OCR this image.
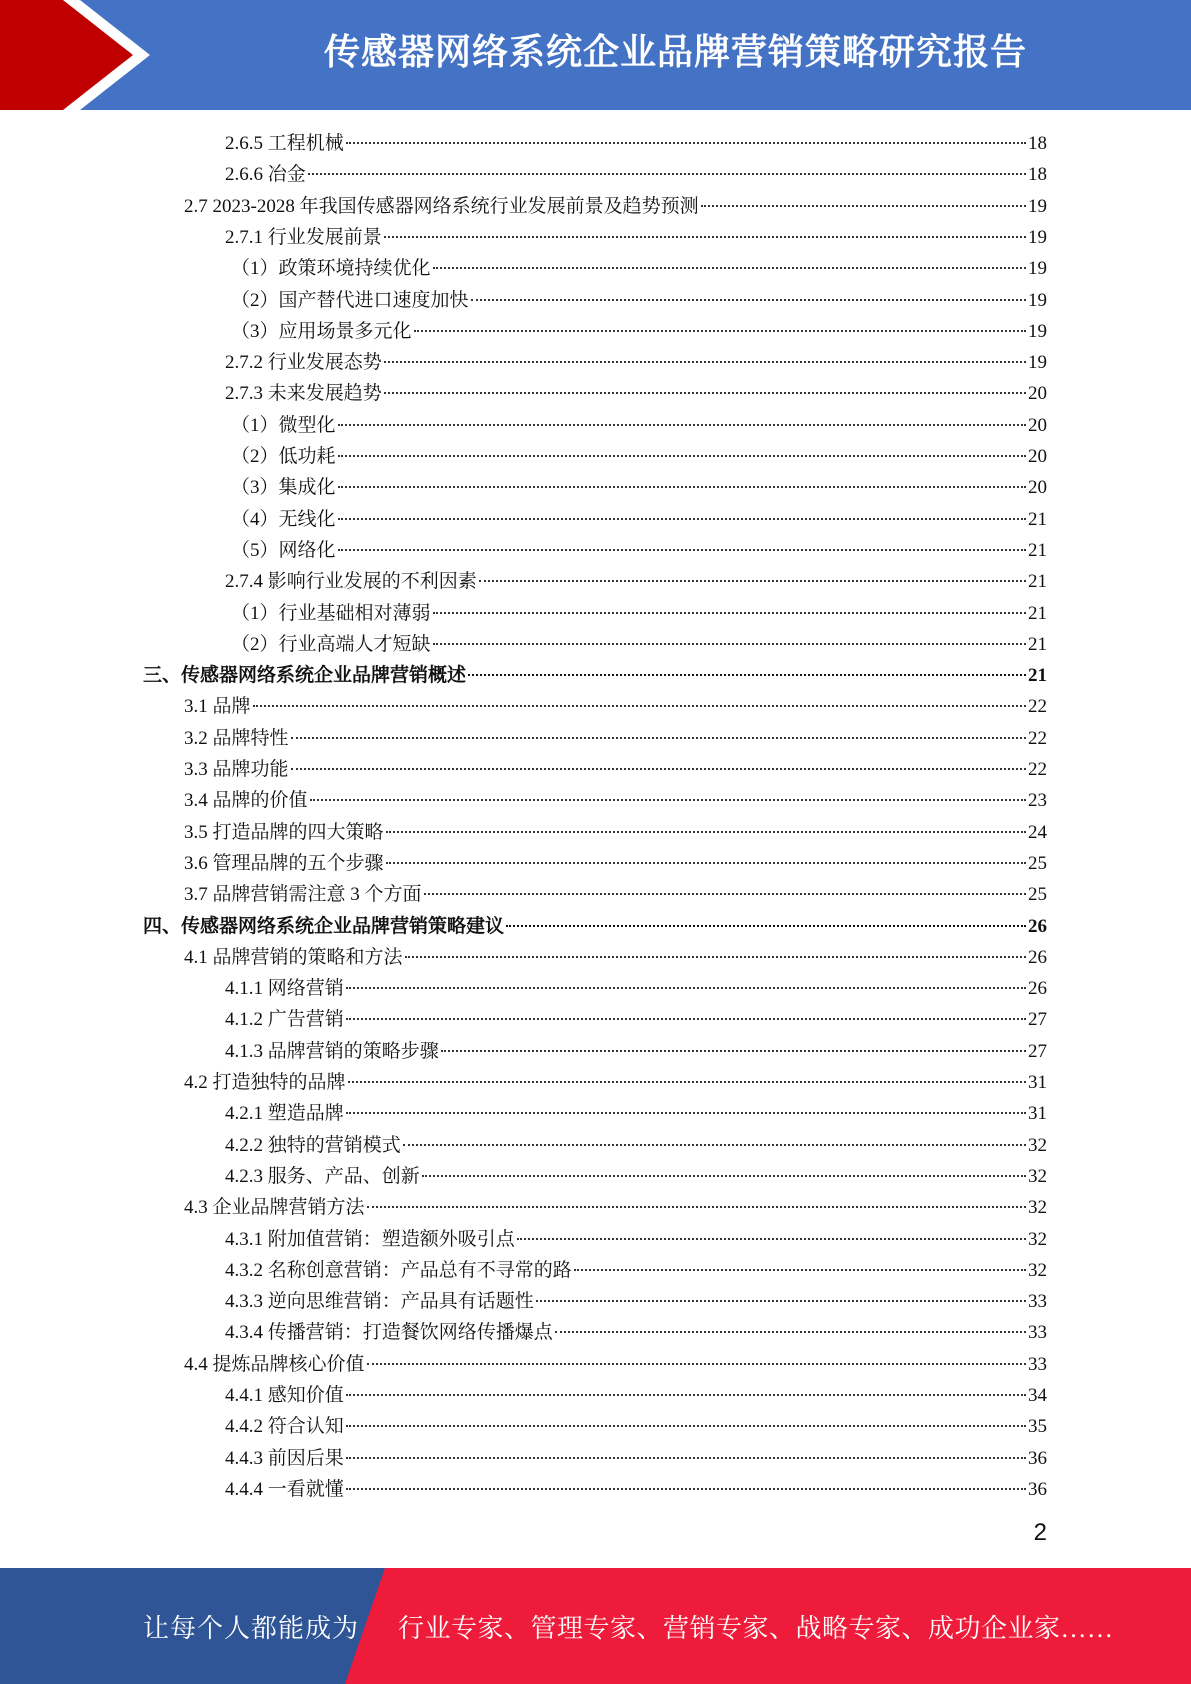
传感器网络系统企业品牌营销策略研究报告
2.6.5 工程机械	18
2.6.6 冶金	18
2.7 2023-2028 年我国传感器网络系统行业发展前景及趋势预测	19
2.7.1 行业发展前景	19
（1）政策环境持续优化	19
（2）国产替代进口速度加快	19
（3）应用场景多元化	19
2.7.2 行业发展态势	19
2.7.3 未来发展趋势	20
（1）微型化	20
（2）低功耗	20
（3）集成化	20
（4）无线化	21
（5）网络化	21
2.7.4 影响行业发展的不利因素	21
（1）行业基础相对薄弱	21
（2）行业高端人才短缺	21
三、传感器网络系统企业品牌营销概述	21
3.1 品牌	22
3.2 品牌特性	22
3.3 品牌功能	22
3.4 品牌的价值	23
3.5 打造品牌的四大策略	24
3.6 管理品牌的五个步骤	25
3.7 品牌营销需注意 3 个方面	25
四、传感器网络系统企业品牌营销策略建议	26
4.1 品牌营销的策略和方法	26
4.1.1 网络营销	26
4.1.2 广告营销	27
4.1.3 品牌营销的策略步骤	27
4.2 打造独特的品牌	31
4.2.1 塑造品牌	31
4.2.2 独特的营销模式	32
4.2.3 服务、产品、创新	32
4.3 企业品牌营销方法	32
4.3.1 附加值营销：塑造额外吸引点	32
4.3.2 名称创意营销：产品总有不寻常的路	32
4.3.3 逆向思维营销：产品具有话题性	33
4.3.4 传播营销：打造餐饮网络传播爆点	33
4.4 提炼品牌核心价值	33
4.4.1 感知价值	34
4.4.2 符合认知	35
4.4.3 前因后果	36
4.4.4 一看就懂	36
2
让每个人都能成为 行业专家、管理专家、营销专家、战略专家、成功企业家……
